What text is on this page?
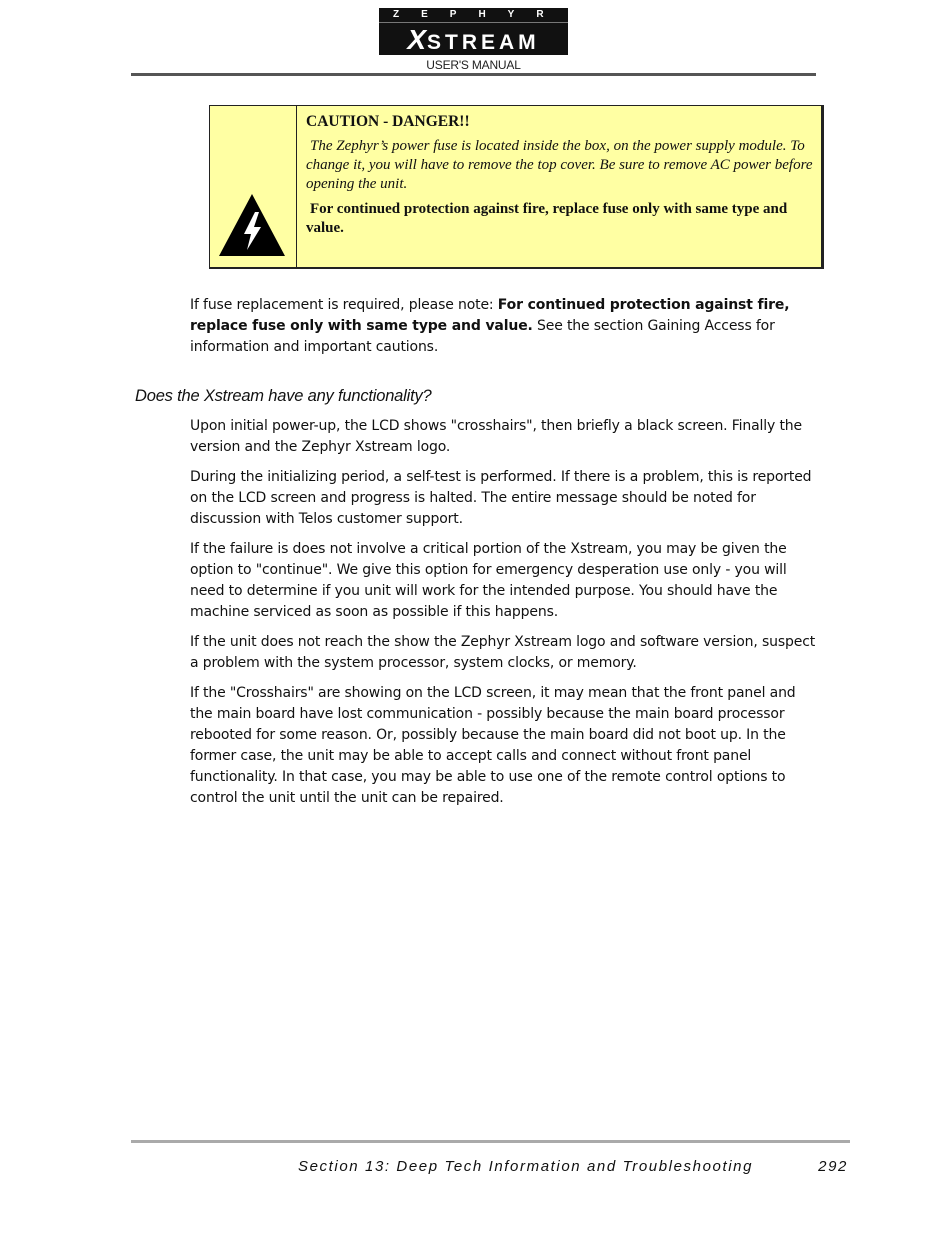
ZEPHYR
XSTREAM
USER'S MANUAL

CAUTION - DANGER!!

The Zephyr’s power fuse is located inside the box, on the power supply module. To change it, you will have to remove the top cover. Be sure to remove AC power before opening the unit.

For continued protection against fire, replace fuse only with same type and value.

If fuse replacement is required, please note: For continued protection against fire, replace fuse only with same type and value. See the section Gaining Access for information and important cautions.

Does the Xstream have any functionality?

Upon initial power-up, the LCD shows "crosshairs", then briefly a black screen. Finally the version and the Zephyr Xstream logo.

During the initializing period, a self-test is performed. If there is a problem, this is reported on the LCD screen and progress is halted. The entire message should be noted for discussion with Telos customer support.

If the failure is does not involve a critical portion of the Xstream, you may be given the option to "continue". We give this option for emergency desperation use only - you will need to determine if you unit will work for the intended purpose. You should have the machine serviced as soon as possible if this happens.

If the unit does not reach the show the Zephyr Xstream logo and software version, suspect a problem with the system processor, system clocks, or memory.

If the "Crosshairs" are showing on the LCD screen, it may mean that the front panel and the main board have lost communication - possibly because the main board processor rebooted for some reason. Or, possibly because the main board did not boot up. In the former case, the unit may be able to accept calls and connect without front panel functionality. In that case, you may be able to use one of the remote control options to control the unit until the unit can be repaired.

Section 13: Deep Tech Information and Troubleshooting	292
